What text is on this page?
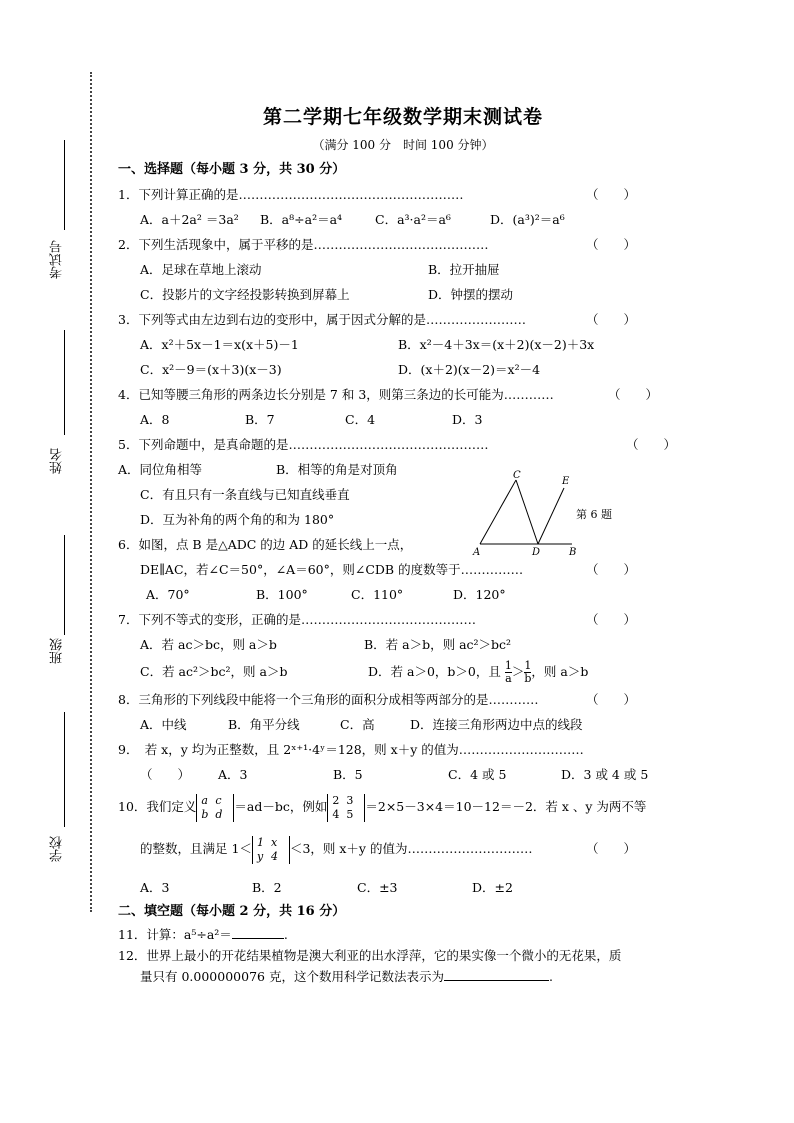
考试号
姓名
班级
学校
第二学期七年级数学期末测试卷
（满分 100 分　时间 100 分钟）
一、选择题（每小题 3 分，共 30 分）
1．下列计算正确的是………………………………………………	（　　）
A．a＋2a² ＝3a²	B．a⁸÷a²＝a⁴	C．a³·a²＝a⁶	D．(a³)²＝a⁶
2．下列生活现象中，属于平移的是……………………………………	（　　）
A．足球在草地上滚动	B．拉开抽屉
C．投影片的文字经投影转换到屏幕上	D．钟摆的摆动
3．下列等式由左边到右边的变形中，属于因式分解的是……………………	（　　）
A．x²＋5x－1＝x(x＋5)－1	B．x²－4＋3x＝(x＋2)(x－2)＋3x
C．x²－9＝(x＋3)(x－3)	D．(x＋2)(x－2)＝x²－4
4．已知等腰三角形的两条边长分别是 7 和 3，则第三条边的长可能为…………	（　　）
A．8	B．7	C．4	D．3
5．下列命题中，是真命题的是…………………………………………	（　　）
A．同位角相等	B．相等的角是对顶角
C．有且只有一条直线与已知直线垂直
D．互为补角的两个角的和为 180°
C
E
A	D	B
第 6 题
6．如图，点 B 是△ADC 的边 AD 的延长线上一点，
DE∥AC，若∠C＝50°，∠A＝60°，则∠CDB 的度数等于……………	（　　）
A．70°	B．100°	C．110°	D．120°
7．下列不等式的变形，正确的是……………………………………	（　　）
A．若 ac＞bc，则 a＞b	B．若 a＞b，则 ac²＞bc²
C．若 ac²＞bc²，则 a＞b	D．若 a＞0，b＞0，且 $\frac{1}{a}> \frac{1}{b}$，则 a＞b
8．三角形的下列线段中能将一个三角形的面积分成相等两部分的是…………	（　　）
A．中线	B．角平分线	C．高	D．连接三角形两边中点的线段
9．　若 x，y 均为正整数，且 2ˣ⁺¹·4ʸ＝128，则 x＋y 的值为…………………………
（　　）	A．3	B．5	C．4 或 5	D．3 或 4 或 5
10．我们定义 a c
b d ＝ad－bc，例如 2 3
4 5 ＝2×5－3×4＝10－12＝－2．若 x 、y 为两不等
的整数，且满足 1＜ 1 x
y 4 ＜3，则 x＋y 的值为…………………………	（　　）
A．3	B．2	C．±3	D．±2
二、填空题（每小题 2 分，共 16 分）
11．计算：a⁵÷a²＝	.
12．世界上最小的开花结果植物是澳大利亚的出水浮萍，它的果实像一个微小的无花果，质
量只有 0.000000076 克，这个数用科学记数法表示为	.
